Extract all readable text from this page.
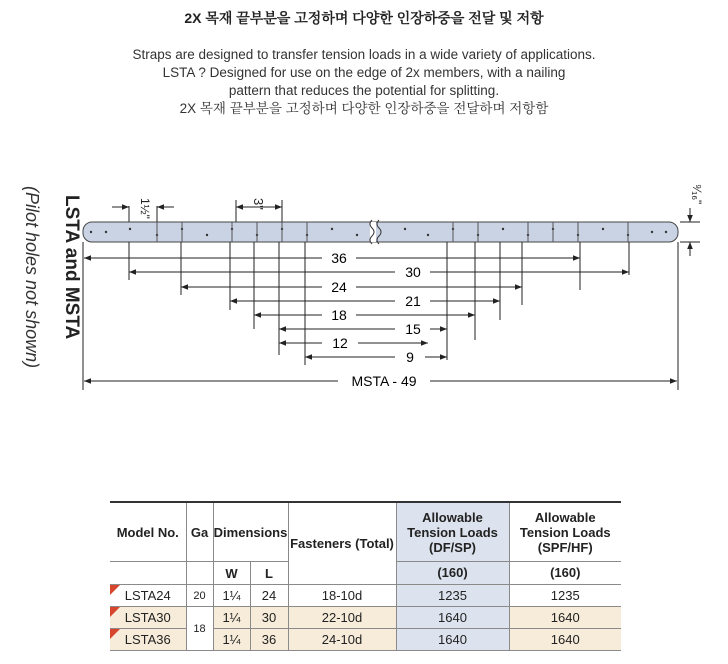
2X 목재 끝부분을 고정하며 다양한 인장하중을 전달 및 저항
Straps are designed to transfer tension loads in a wide variety of applications.
LSTA ? Designed for use on the edge of 2x members, with a nailing
pattern that reduces the potential for splitting.
2X 목재 끝부분을 고정하며 다양한 인장하중을 전달하며 저항함
LSTA and MSTA
(Pilot holes not shown)	1½"	3"	⁹⁄₁₆"
36
30
24
21
18
15
12
9
MSTA - 49
Model No.	Ga	Dimensions		Fasteners (Total)	Allowable Tension Loads (DF/SP)	Allowable Tension Loads (SPF/HF)

		W	L		(160)	(160)

LSTA24	20	1¼	24	18-10d	1235	1235

LSTA30	18	1¼	30	22-10d	1640	1640

LSTA36		1¼	36	24-10d	1640	1640
